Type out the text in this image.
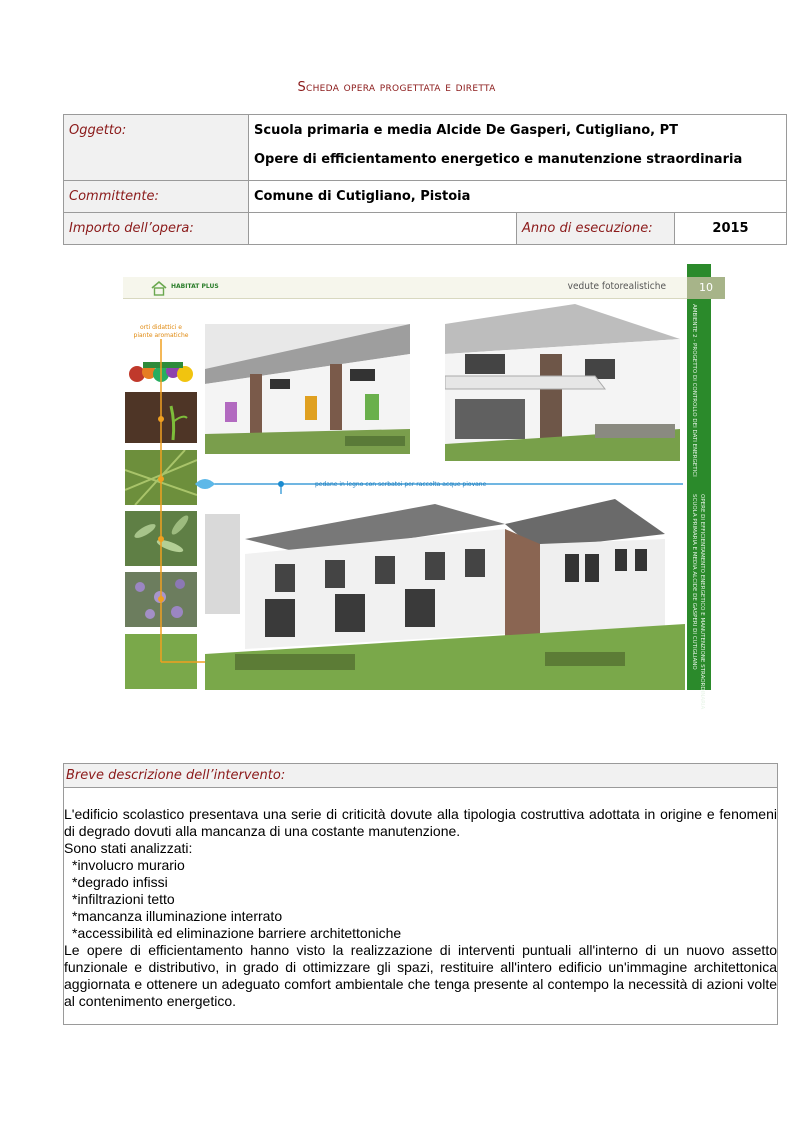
Scheda opera progettata e diretta
Oggetto:	Scuola primaria e media Alcide De Gasperi, Cutigliano, PT
Opere di efficientamento energetico e manutenzione straordinaria		

Committente:	Comune di Cutigliano, Pistoia		
Importo dell’opera:		Anno di esecuzione:	2015
HABITAT PLUS	vedute fotorealistiche
AMBIENTE 2 - PROGETTO DI CONTROLLO DEI DATI ENERGETICI
OPERE DI EFFICIENTAMENTO ENERGETICO E MANUTENZIONE STRAORDINARIA
SCUOLA PRIMARIA E MEDIA ALCIDE DE GASPERI DI CUTIGLIANO
10
orti didattici e piante aromatiche
pedane in legno con serbatoi per raccolta acque piovane
Breve descrizione dell’intervento:

L'edificio scolastico presentava una serie di criticità dovute alla tipologia costruttiva adottata in origine e fenomeni di degrado dovuti alla mancanza di una costante manutenzione.

Sono stati analizzati:

*involucro murario

*degrado infissi

*infiltrazioni tetto

*mancanza illuminazione interrato

*accessibilità ed eliminazione barriere architettoniche

Le opere di efficientamento hanno visto la realizzazione di interventi puntuali all'interno di un nuovo assetto funzionale e distributivo, in grado di ottimizzare gli spazi, restituire all'intero edificio un'immagine architettonica aggiornata e ottenere un adeguato comfort ambientale che tenga presente al contempo la necessità di azioni volte al contenimento energetico.
